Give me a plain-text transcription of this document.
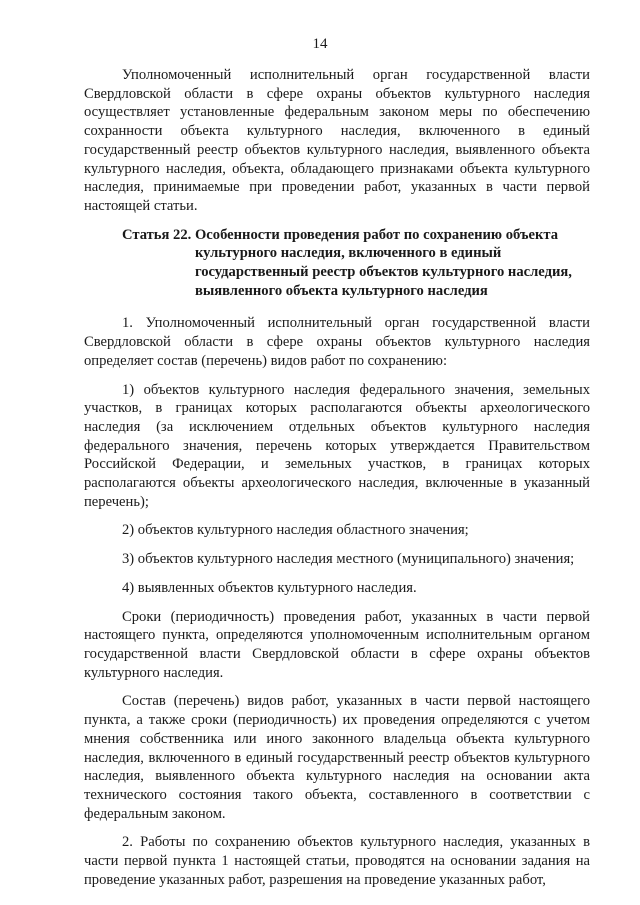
14

Уполномоченный исполнительный орган государственной власти Свердловской области в сфере охраны объектов культурного наследия осуществляет установленные федеральным законом меры по обеспечению сохранности объекта культурного наследия, включенного в единый государственный реестр объектов культурного наследия, выявленного объекта культурного наследия, объекта, обладающего признаками объекта культурного наследия, принимаемые при проведении работ, указанных в части первой настоящей статьи.

Статья 22. Особенности проведения работ по сохранению объекта культурного наследия, включенного в единый государственный реестр объектов культурного наследия, выявленного объекта культурного наследия

1. Уполномоченный исполнительный орган государственной власти Свердловской области в сфере охраны объектов культурного наследия определяет состав (перечень) видов работ по сохранению:

1) объектов культурного наследия федерального значения, земельных участков, в границах которых располагаются объекты археологического наследия (за исключением отдельных объектов культурного наследия федерального значения, перечень которых утверждается Правительством Российской Федерации, и земельных участков, в границах которых располагаются объекты археологического наследия, включенные в указанный перечень);

2) объектов культурного наследия областного значения;

3) объектов культурного наследия местного (муниципального) значения;

4) выявленных объектов культурного наследия.

Сроки (периодичность) проведения работ, указанных в части первой настоящего пункта, определяются уполномоченным исполнительным органом государственной власти Свердловской области в сфере охраны объектов культурного наследия.

Состав (перечень) видов работ, указанных в части первой настоящего пункта, а также сроки (периодичность) их проведения определяются с учетом мнения собственника или иного законного владельца объекта культурного наследия, включенного в единый государственный реестр объектов культурного наследия, выявленного объекта культурного наследия на основании акта технического состояния такого объекта, составленного в соответствии с федеральным законом.

2. Работы по сохранению объектов культурного наследия, указанных в части первой пункта 1 настоящей статьи, проводятся на основании задания на проведение указанных работ, разрешения на проведение указанных работ,
